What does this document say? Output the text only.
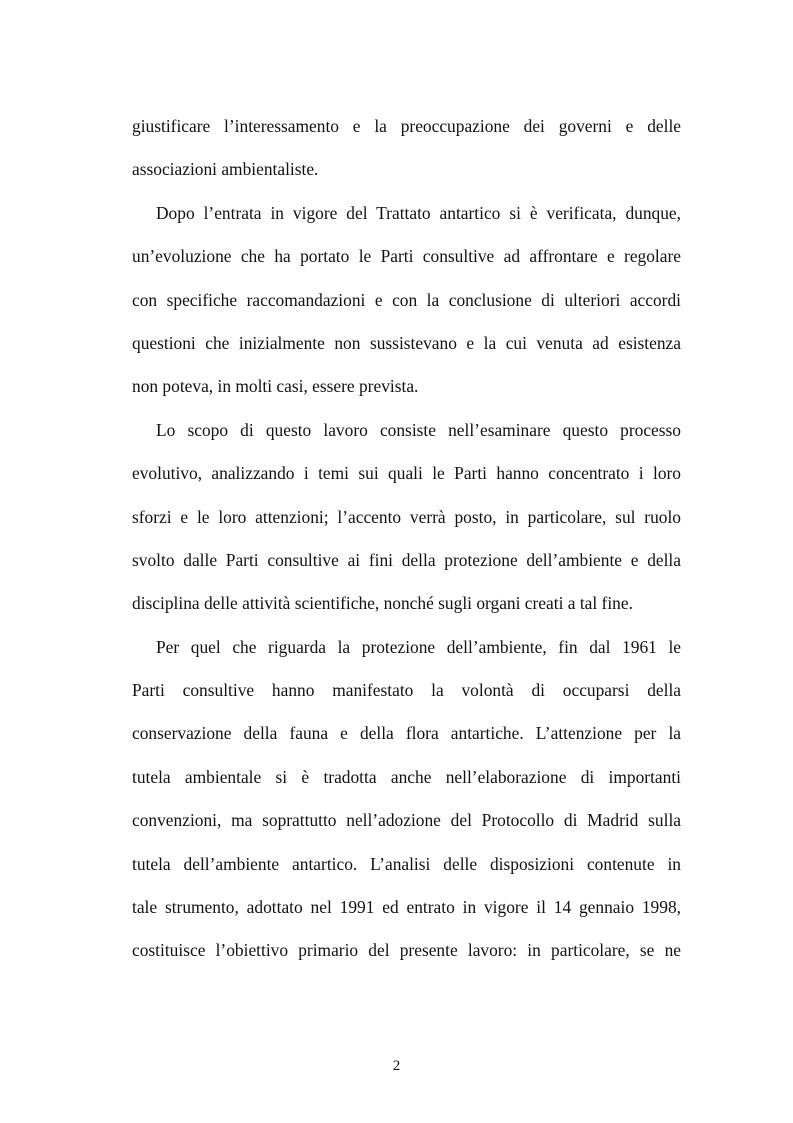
giustificare l’interessamento e la preoccupazione dei governi e delle
associazioni ambientaliste.
Dopo l’entrata in vigore del Trattato antartico si è verificata, dunque,
un’evoluzione che ha portato le Parti consultive ad affrontare e regolare
con specifiche raccomandazioni e con la conclusione di ulteriori accordi
questioni che inizialmente non sussistevano e la cui venuta ad esistenza
non poteva, in molti casi, essere prevista.
Lo scopo di questo lavoro consiste nell’esaminare questo processo
evolutivo, analizzando i temi sui quali le Parti hanno concentrato i loro
sforzi e le loro attenzioni; l’accento verrà posto, in particolare, sul ruolo
svolto dalle Parti consultive ai fini della protezione dell’ambiente e della
disciplina delle attività scientifiche, nonché sugli organi creati a tal fine.
Per quel che riguarda la protezione dell’ambiente, fin dal 1961 le
Parti consultive hanno manifestato la volontà di occuparsi della
conservazione della fauna e della flora antartiche. L’attenzione per la
tutela ambientale si è tradotta anche nell’elaborazione di importanti
convenzioni, ma soprattutto nell’adozione del Protocollo di Madrid sulla
tutela dell’ambiente antartico. L’analisi delle disposizioni contenute in
tale strumento, adottato nel 1991 ed entrato in vigore il 14 gennaio 1998,
costituisce l’obiettivo primario del presente lavoro: in particolare, se ne
2
